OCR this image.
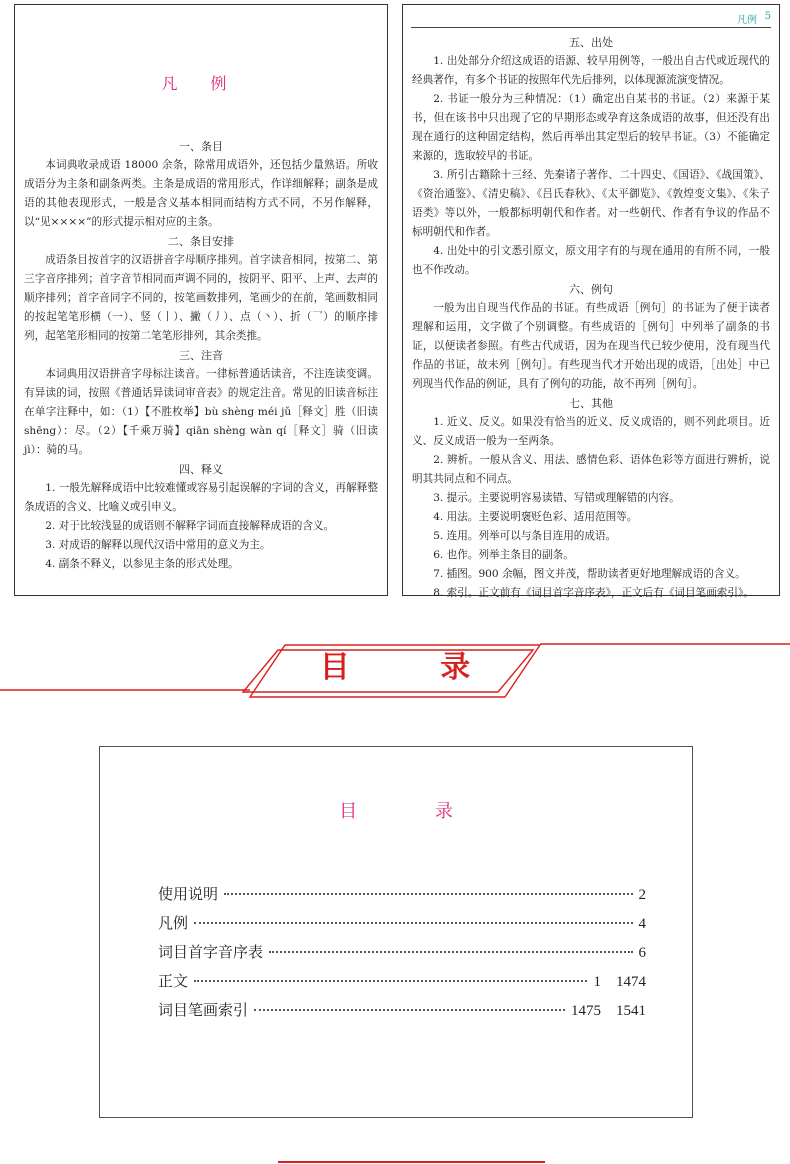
凡 例
一、条目
本词典收录成语 18000 余条，除常用成语外，还包括少量熟语。所收成语分为主条和副条两类。主条是成语的常用形式，作详细解释；副条是成语的其他表现形式，一般是含义基本相同而结构方式不同，不另作解释，以“见××××”的形式提示相对应的主条。
二、条目安排
成语条目按首字的汉语拼音字母顺序排列。首字读音相同，按第二、第三字音序排列；首字音节相同而声调不同的，按阴平、阳平、上声、去声的顺序排列；首字音同字不同的，按笔画数排列，笔画少的在前，笔画数相同的按起笔笔形横（一）、竖（丨）、撇（丿）、点（丶）、折（乛）的顺序排列，起笔笔形相同的按第二笔笔形排列，其余类推。
三、注音
本词典用汉语拼音字母标注读音。一律标普通话读音，不注连读变调。有异读的词，按照《普通话异读词审音表》的规定注音。常见的旧读音标注在单字注释中，如：（1）【不胜枚举】bù shèng méi jǔ［释文］胜（旧读 shēng）：尽。（2）【千乘万骑】qiān shèng wàn qí［释文］骑（旧读 jì）：骑的马。
四、释义
1. 一般先解释成语中比较难懂或容易引起误解的字词的含义，再解释整条成语的含义、比喻义或引申义。
2. 对于比较浅显的成语则不解释字词而直接解释成语的含义。
3. 对成语的解释以现代汉语中常用的意义为主。
4. 副条不释义，以参见主条的形式处理。
凡例 5
五、出处
1. 出处部分介绍这成语的语源、较早用例等，一般出自古代或近现代的经典著作，有多个书证的按照年代先后排列，以体现源流演变情况。
2. 书证一般分为三种情况：（1）确定出自某书的书证。（2）来源于某书，但在该书中只出现了它的早期形态或孕育这条成语的故事，但还没有出现在通行的这种固定结构，然后再举出其定型后的较早书证。（3）不能确定来源的，选取较早的书证。
3. 所引古籍除十三经、先秦诸子著作、二十四史、《国语》、《战国策》、《资治通鉴》、《清史稿》、《吕氏春秋》、《太平御览》、《敦煌变文集》、《朱子语类》等以外，一般都标明朝代和作者。对一些朝代、作者有争议的作品不标明朝代和作者。
4. 出处中的引文悉引原文，原文用字有的与现在通用的有所不同，一般也不作改动。
六、例句
一般为出自现当代作品的书证。有些成语［例句］的书证为了便于读者理解和运用，文字做了个别调整。有些成语的［例句］中列举了副条的书证，以便读者参照。有些古代成语，因为在现当代已较少使用，没有现当代作品的书证，故未列［例句］。有些现当代才开始出现的成语，［出处］中已列现当代作品的例证，具有了例句的功能，故不再列［例句］。
七、其他
1. 近义、反义。如果没有恰当的近义、反义成语的，则不列此项目。近义、反义成语一般为一至两条。
2. 辨析。一般从含义、用法、感情色彩、语体色彩等方面进行辨析，说明其共同点和不同点。
3. 提示。主要说明容易读错、写错或理解错的内容。
4. 用法。主要说明褒贬色彩、适用范围等。
5. 连用。列举可以与条目连用的成语。
6. 也作。列举主条目的副条。
7. 插图。900 余幅，图文并茂，帮助读者更好地理解成语的含义。
8. 索引。正文前有《词目首字音序表》，正文后有《词目笔画索引》。
目 录
目 录
使用说明	2
凡例	4
词目首字音序表	6
正文	1　1474
词目笔画索引	1475　1541
